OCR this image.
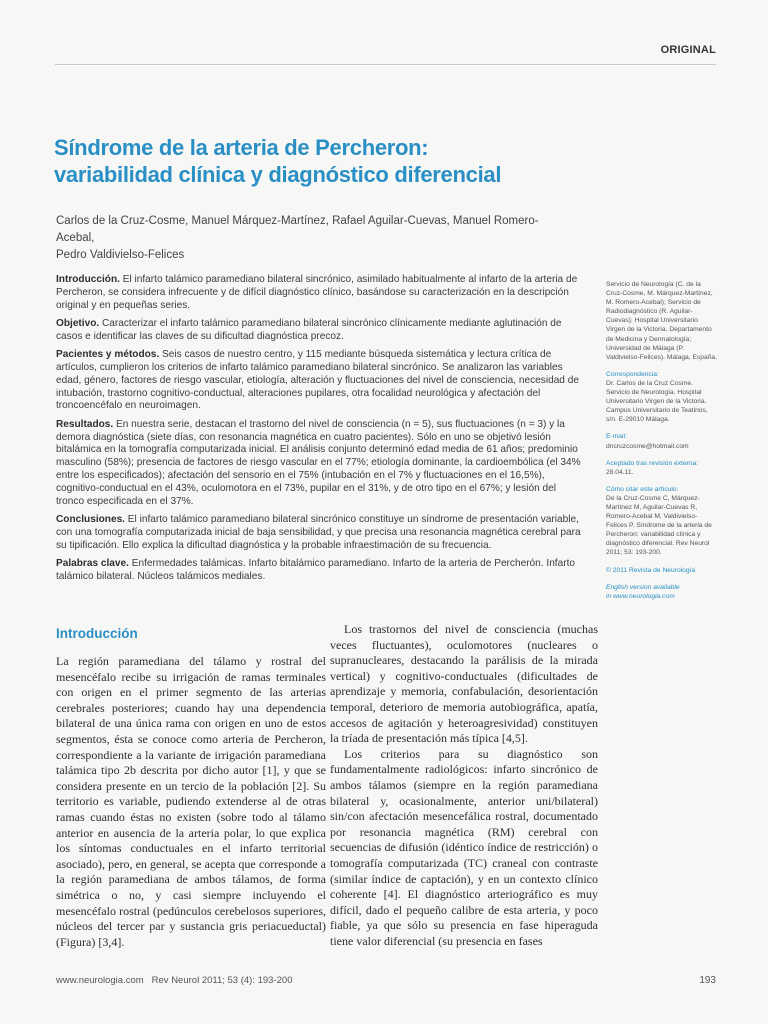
ORIGINAL
Síndrome de la arteria de Percheron:
variabilidad clínica y diagnóstico diferencial
Carlos de la Cruz-Cosme, Manuel Márquez-Martínez, Rafael Aguilar-Cuevas, Manuel Romero-Acebal,
Pedro Valdivielso-Felices

Introducción. El infarto talámico paramediano bilateral sincrónico, asimilado habitualmente al infarto de la arteria de Percheron, se considera infrecuente y de difícil diagnóstico clínico, basándose su caracterización en la descripción original y en pequeñas series.

Objetivo. Caracterizar el infarto talámico paramediano bilateral sincrónico clínicamente mediante aglutinación de casos e identificar las claves de su dificultad diagnóstica precoz.

Pacientes y métodos. Seis casos de nuestro centro, y 115 mediante búsqueda sistemática y lectura crítica de artículos, cumplieron los criterios de infarto talámico paramediano bilateral sincrónico. Se analizaron las variables edad, género, factores de riesgo vascular, etiología, alteración y fluctuaciones del nivel de consciencia, necesidad de intubación, trastorno cognitivo-conductual, alteraciones pupilares, otra focalidad neurológica y afectación del troncoencéfalo en neuroimagen.

Resultados. En nuestra serie, destacan el trastorno del nivel de consciencia (n = 5), sus fluctuaciones (n = 3) y la demora diagnóstica (siete días, con resonancia magnética en cuatro pacientes). Sólo en uno se objetivó lesión bitalámica en la tomografía computarizada inicial. El análisis conjunto determinó edad media de 61 años; predominio masculino (58%); presencia de factores de riesgo vascular en el 77%; etiología dominante, la cardioembólica (el 34% entre los especificados); afectación del sensorio en el 75% (intubación en el 7% y fluctuaciones en el 16,5%), cognitivo-conductual en el 43%, oculomotora en el 73%, pupilar en el 31%, y de otro tipo en el 67%; y lesión del tronco especificada en el 37%.

Conclusiones. El infarto talámico paramediano bilateral sincrónico constituye un síndrome de presentación variable, con una tomografía computarizada inicial de baja sensibilidad, y que precisa una resonancia magnética cerebral para su tipificación. Ello explica la dificultad diagnóstica y la probable infraestimación de su frecuencia.

Palabras clave. Enfermedades talámicas. Infarto bitalámico paramediano. Infarto de la arteria de Percherón. Infarto talámico bilateral. Núcleos talámicos mediales.

Servicio de Neurología (C. de la Cruz-Cosme, M. Márquez-Martínez, M. Romero-Acebal); Servicio de Radiodiagnóstico (R. Aguilar-Cuevas); Hospital Universitario Virgen de la Victoria. Departamento de Medicina y Dermatología; Universidad de Málaga (P. Valdivielso-Felices). Málaga, España.
Correspondencia:
Dr. Carlos de la Cruz Cosme. Servicio de Neurología. Hospital Universitario Virgen de la Victoria. Campus Universitario de Teatinos, s/n. E-29010 Málaga.
E-mail:
dncruzcosme@hotmail.com
Aceptado tras revisión externa:
28.04.11.
Cómo citar este artículo:
De la Cruz-Cosme C, Márquez-Martínez M, Aguilar-Cuevas R, Romero-Acebal M, Valdivielso-Felices P. Síndrome de la arteria de Percheron: variabilidad clínica y diagnóstico diferencial. Rev Neurol 2011; 53: 193-200.
© 2011 Revista de Neurología
English version available
in www.neurologia.com
Introducción

La región paramediana del tálamo y rostral del mesencéfalo recibe su irrigación de ramas terminales con origen en el primer segmento de las arterias cerebrales posteriores; cuando hay una dependencia bilateral de una única rama con origen en uno de estos segmentos, ésta se conoce como arteria de Percheron, correspondiente a la variante de irrigación paramediana talámica tipo 2b descrita por dicho autor [1], y que se considera presente en un tercio de la población [2]. Su territorio es variable, pudiendo extenderse al de otras ramas cuando éstas no existen (sobre todo al tálamo anterior en ausencia de la arteria polar, lo que explica los síntomas conductuales en el infarto territorial asociado), pero, en general, se acepta que corresponde a la región paramediana de ambos tálamos, de forma simétrica o no, y casi siempre incluyendo el mesencéfalo rostral (pedúnculos cerebelosos superiores, núcleos del tercer par y sustancia gris periacueductal) (Figura) [3,4].

Los trastornos del nivel de consciencia (muchas veces fluctuantes), oculomotores (nucleares o supranucleares, destacando la parálisis de la mirada vertical) y cognitivo-conductuales (dificultades de aprendizaje y memoria, confabulación, desorientación temporal, deterioro de memoria autobiográfica, apatía, accesos de agitación y heteroagresividad) constituyen la tríada de presentación más típica [4,5].

Los criterios para su diagnóstico son fundamentalmente radiológicos: infarto sincrónico de ambos tálamos (siempre en la región paramediana bilateral y, ocasionalmente, anterior uni/bilateral) sin/con afectación mesencefálica rostral, documentado por resonancia magnética (RM) cerebral con secuencias de difusión (idéntico índice de restricción) o tomografía computarizada (TC) craneal con contraste (similar índice de captación), y en un contexto clínico coherente [4]. El diagnóstico arteriográfico es muy difícil, dado el pequeño calibre de esta arteria, y poco fiable, ya que sólo su presencia en fase hiperaguda tiene valor diferencial (su presencia en fases

www.neurologia.com Rev Neurol 2011; 53 (4): 193-200	193
